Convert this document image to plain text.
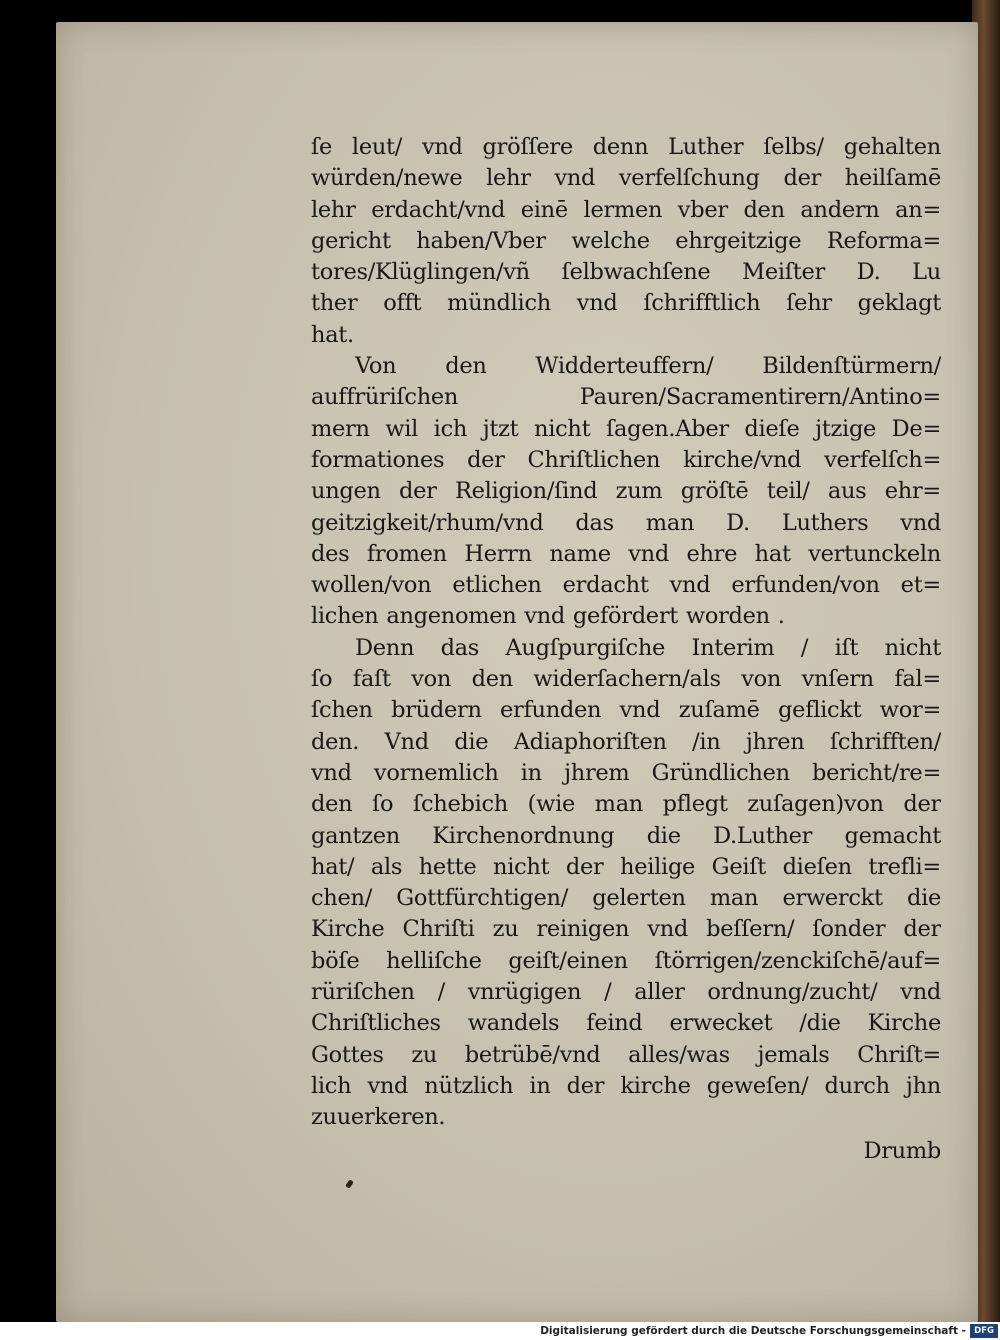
ſe leut/ vnd gröſſere denn Luther ſelbs/ gehalten
würden/newe lehr vnd verfelſchung der heilſamē
lehr erdacht/vnd einē lermen vber den andern an=
gericht haben/Vber welche ehrgeitzige Reforma=
tores/Klüglingen/vñ ſelbwachſene Meiſter D. Lu
ther offt mündlich vnd ſchrifftlich ſehr geklagt
hat.
Von den Widderteuffern/ Bildenſtürmern/
auffrüriſchen Pauren/Sacramentirern/Antino=
mern wil ich jtzt nicht ſagen.Aber dieſe jtzige De=
formationes der Chriſtlichen kirche/vnd verfelſch=
ungen der Religion/ſind zum gröſtē teil/ aus ehr=
geitzigkeit/rhum/vnd das man D. Luthers vnd
des fromen Herrn name vnd ehre hat vertunckeln
wollen/von etlichen erdacht vnd erfunden/von et=
lichen angenomen vnd gefördert worden .
Denn das Augſpurgiſche Interim / iſt nicht
ſo faſt von den widerſachern/als von vnſern fal=
ſchen brüdern erfunden vnd zuſamē geflickt wor=
den. Vnd die Adiaphoriſten /in jhren ſchrifften/
vnd vornemlich in jhrem Gründlichen bericht/re=
den ſo ſchebich (wie man pflegt zuſagen)von der
gantzen Kirchenordnung die D.Luther gemacht
hat/ als hette nicht der heilige Geiſt dieſen trefli=
chen/ Gottfürchtigen/ gelerten man erwerckt die
Kirche Chriſti zu reinigen vnd beſſern/ ſonder der
böſe helliſche geiſt/einen ſtörrigen/zenckiſchē/auf=
rüriſchen / vnrügigen / aller ordnung/zucht/ vnd
Chriſtliches wandels feind erwecket /die Kirche
Gottes zu betrübē/vnd alles/was jemals Chriſt=
lich vnd nützlich in der kirche geweſen/ durch jhn
zuuerkeren.
Drumb
Digitalisierung gefördert durch die Deutsche Forschungsgemeinschaft - DFG
